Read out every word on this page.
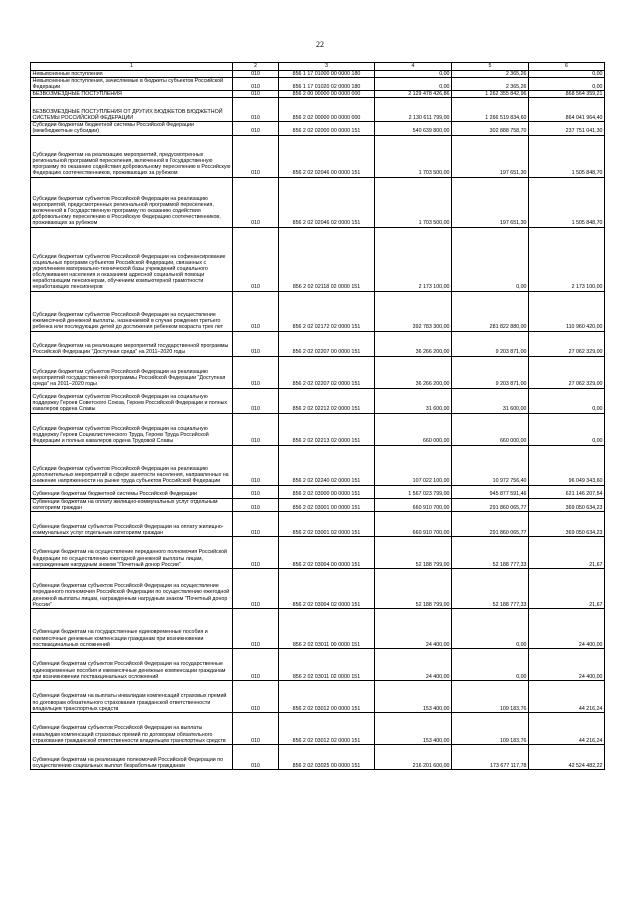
22
1	2	3	4	5	6
Невыясненные поступления	010	856 1 17 01000 00 0000 180	0,00	2 365,26	0,00
Невыясненные поступления, зачисляемые в бюджеты субъектов Российской Федерации	010	856 1 17 01020 02 0000 180	0,00	2 365,26	0,00
БЕЗВОЗМЕЗДНЫЕ ПОСТУПЛЕНИЯ	010	856 2 00 00000 00 0000 000	2 129 478 426,86	1 262 355 842,96	868 564 359,21
БЕЗВОЗМЕЗДНЫЕ ПОСТУПЛЕНИЯ ОТ ДРУГИХ БЮДЖЕТОВ БЮДЖЕТНОЙ СИСТЕМЫ РОССИЙСКОЙ ФЕДЕРАЦИИ	010	856 2 02 00000 00 0000 000	2 130 611 799,00	1 266 519 834,60	864 041 964,40
Субсидии бюджетам бюджетной системы Российской Федерации (межбюджетные субсидии)	010	856 2 02 02000 00 0000 151	540 639 800,00	302 888 758,70	237 751 041,30
Субсидии бюджетам на реализацию мероприятий, предусмотренных региональной программой переселения, включенной в Государственную программу по оказанию содействия добровольному переселению в Российскую Федерацию соотечественников, проживающих за рубежом	010	856 2 02 02046 00 0000 151	1 703 500,00	197 651,30	1 505 848,70
Субсидии бюджетам субъектов Российской Федерации на реализацию мероприятий, предусмотренных региональной программой переселения, включенной в Государственную программу по оказанию содействия добровольному переселению в Российскую Федерацию соотечественников, проживающих за рубежом	010	856 2 02 02046 02 0000 151	1 703 500,00	197 651,30	1 505 848,70
Субсидии бюджетам субъектов Российской Федерации на софинансирование социальных программ субъектов Российской Федерации, связанных с укреплением материально-технической базы учреждений социального обслуживания населения и оказанием адресной социальной помощи неработающим пенсионерам, обучением компьютерной грамотности неработающих пенсионеров	010	856 2 02 02118 02 0000 151	2 173 100,00	0,00	2 173 100,00
Субсидии бюджетам субъектов Российской Федерации на осуществление ежемесячной денежной выплаты, назначаемой в случае рождения третьего ребенка или последующих детей до достижения ребенком возраста трех лет	010	856 2 02 02172 02 0000 151	392 783 300,00	281 822 880,00	110 960 420,00
Субсидии бюджетам на реализацию мероприятий государственной программы Российской Федерации "Доступная среда" на 2011–2020 годы	010	856 2 02 02207 00 0000 151	36 266 200,00	9 203 871,00	27 062 329,00
Субсидии бюджетам субъектов Российской Федерации на реализацию мероприятий государственной программы Российской Федерации "Доступная среда" на 2011–2020 годы	010	856 2 02 02207 02 0000 151	36 266 200,00	9 203 871,00	27 062 329,00
Субсидии бюджетам субъектов Российской Федерации на социальную поддержку Героев Советского Союза, Героев Российской Федерации и полных кавалеров ордена Славы	010	856 2 02 02212 02 0000 151	31 600,00	31 600,00	0,00
Субсидии бюджетам субъектов Российской Федерации на социальную поддержку Героев Социалистического Труда, Героев Труда Российской Федерации и полных кавалеров ордена Трудовой Славы	010	856 2 02 02213 02 0000 151	660 000,00	660 000,00	0,00
Субсидии бюджетам субъектов Российской Федерации на реализацию дополнительных мероприятий в сфере занятости населения, направленных на снижение напряженности на рынке труда субъектов Российской Федерации	010	856 2 02 02240 02 0000 151	107 022 100,00	10 972 756,40	96 049 343,60
Субвенции бюджетам бюджетной системы Российской Федерации	010	856 2 02 03000 00 0000 151	1 567 023 799,00	945 877 591,46	621 146 207,54
Субвенции бюджетам на оплату жилищно-коммунальных услуг отдельным категориям граждан	010	856 2 02 03001 00 0000 151	660 910 700,00	291 860 065,77	369 050 634,23
Субвенции бюджетам субъектов Российской Федерации на оплату жилищно-коммунальных услуг отдельным категориям граждан	010	856 2 02 03001 02 0000 151	660 910 700,00	291 860 065,77	369 050 634,23
Субвенции бюджетам на осуществление переданного полномочия Российской Федерации по осуществлению ежегодной денежной выплаты лицам, награжденным нагрудным знаком "Почетный донор России"	010	856 2 02 03004 00 0000 151	52 188 799,00	52 188 777,33	21,67
Субвенции бюджетам субъектов Российской Федерации на осуществление переданного полномочия Российской Федерации по осуществлению ежегодной денежной выплаты лицам, награжденным нагрудным знаком "Почетный донор России"	010	856 2 02 03004 02 0000 151	52 188 799,00	52 188 777,33	21,67
Субвенции бюджетам на государственные единовременные пособия и ежемесячные денежные компенсации гражданам при возникновении поствакцинальных осложнений	010	856 2 02 03011 00 0000 151	24 400,00	0,00	24 400,00
Субвенции бюджетам субъектов Российской Федерации на государственные единовременные пособия и ежемесячные денежные компенсации гражданам при возникновении поствакцинальных осложнений	010	856 2 02 03011 02 0000 151	24 400,00	0,00	24 400,00
Субвенции бюджетам на выплаты инвалидам компенсаций страховых премий по договорам обязательного страхования гражданской ответственности владельцев транспортных средств	010	856 2 02 03012 00 0000 151	153 400,00	109 183,76	44 216,24
Субвенции бюджетам субъектов Российской Федерации на выплаты инвалидам компенсаций страховых премий по договорам обязательного страхования гражданской ответственности владельцев транспортных средств	010	856 2 02 03012 02 0000 151	153 400,00	109 183,76	44 216,24
Субвенции бюджетам на реализацию полномочий Российской Федерации по осуществлению социальных выплат безработным гражданам	010	856 2 02 03025 00 0000 151	216 201 600,00	173 677 117,78	42 524 482,22
